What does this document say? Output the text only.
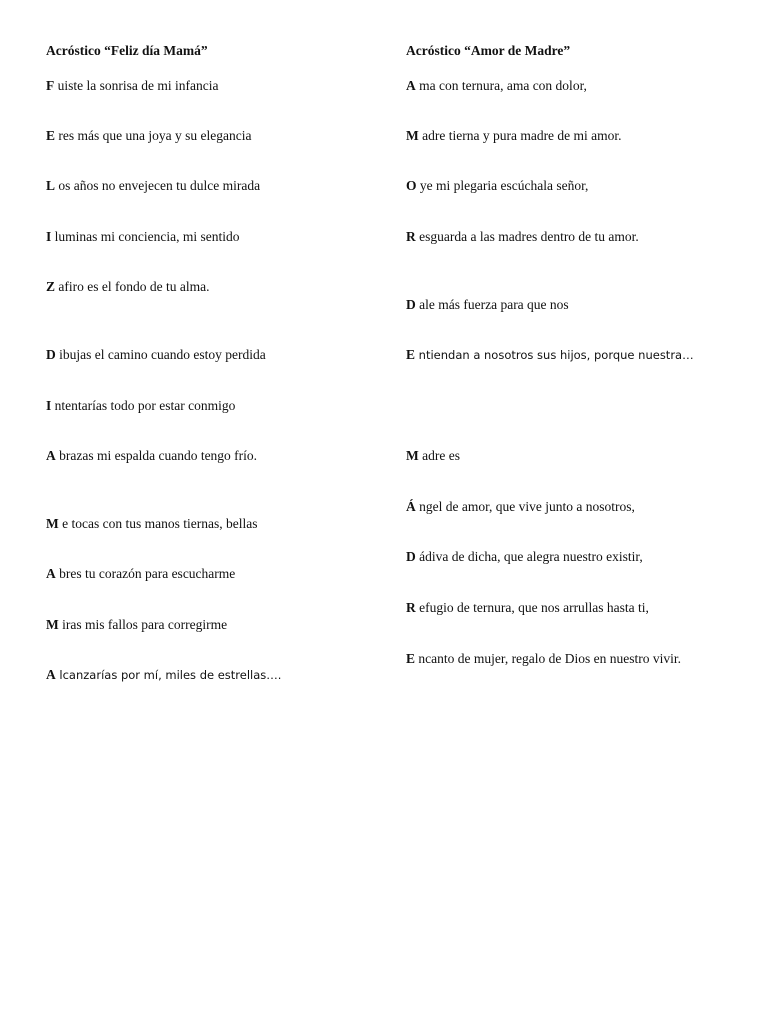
Acróstico “Feliz día Mamá”
F uiste la sonrisa de mi infancia
E res más que una joya y su elegancia
L os años no envejecen tu dulce mirada
I luminas mi conciencia, mi sentido
Z afiro es el fondo de tu alma.
D ibujas el camino cuando estoy perdida
I ntentarías todo por estar conmigo
A brazas mi espalda cuando tengo frío.
M e tocas con tus manos tiernas, bellas
A bres tu corazón para escucharme
M iras mis fallos para corregirme
A lcanzarías por mí, miles de estrellas….
Acróstico “Amor de Madre”
A ma con ternura, ama con dolor,
M adre tierna y pura madre de mi amor.
O ye mi plegaria escúchala señor,
R esguarda a las madres dentro de tu amor.
D ale más fuerza para que nos
E ntiendan a nosotros sus hijos, porque nuestra…
M adre es
Á ngel de amor, que vive junto a nosotros,
D ádiva de dicha, que alegra nuestro existir,
R efugio de ternura, que nos arrullas hasta ti,
E ncanto de mujer, regalo de Dios en nuestro vivir.
